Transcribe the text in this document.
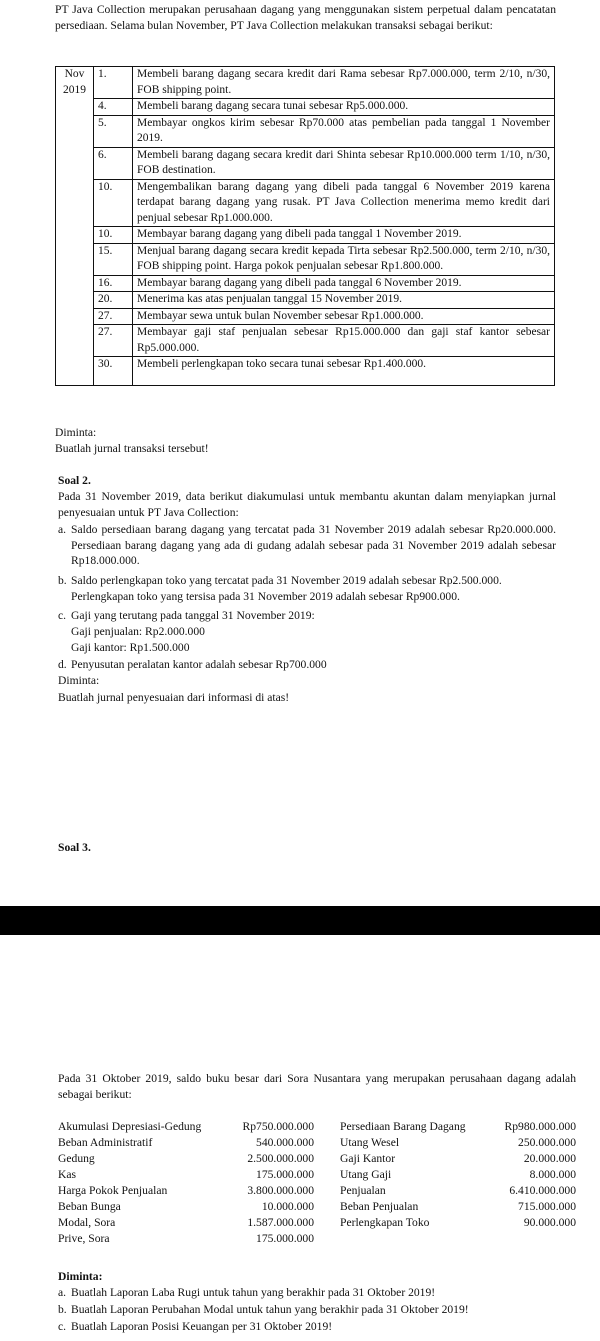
PT Java Collection merupakan perusahaan dagang yang menggunakan sistem perpetual dalam pencatatan persediaan. Selama bulan November, PT Java Collection melakukan transaksi sebagai berikut:
Nov
2019	1.	Membeli barang dagang secara kredit dari Rama sebesar Rp7.000.000, term 2/10, n/30, FOB shipping point.
	4.	Membeli barang dagang secara tunai sebesar Rp5.000.000.
	5.	Membayar ongkos kirim sebesar Rp70.000 atas pembelian pada tanggal 1 November 2019.
	6.	Membeli barang dagang secara kredit dari Shinta sebesar Rp10.000.000 term 1/10, n/30, FOB destination.
	10.	Mengembalikan barang dagang yang dibeli pada tanggal 6 November 2019 karena terdapat barang dagang yang rusak. PT Java Collection menerima memo kredit dari penjual sebesar Rp1.000.000.
	10.	Membayar barang dagang yang dibeli pada tanggal 1 November 2019.
	15.	Menjual barang dagang secara kredit kepada Tirta sebesar Rp2.500.000, term 2/10, n/30, FOB shipping point. Harga pokok penjualan sebesar Rp1.800.000.
	16.	Membayar barang dagang yang dibeli pada tanggal 6 November 2019.
	20.	Menerima kas atas penjualan tanggal 15 November 2019.
	27.	Membayar sewa untuk bulan November sebesar Rp1.000.000.
	27.	Membayar gaji staf penjualan sebesar Rp15.000.000 dan gaji staf kantor sebesar Rp5.000.000.
	30.	Membeli perlengkapan toko secara tunai sebesar Rp1.400.000.
Diminta:
Buatlah jurnal transaksi tersebut!
Soal 2.
Pada 31 November 2019, data berikut diakumulasi untuk membantu akuntan dalam menyiapkan jurnal penyesuaian untuk PT Java Collection:
a. Saldo persediaan barang dagang yang tercatat pada 31 November 2019 adalah sebesar Rp20.000.000. Persediaan barang dagang yang ada di gudang adalah sebesar pada 31 November 2019 adalah sebesar Rp18.000.000.
b. Saldo perlengkapan toko yang tercatat pada 31 November 2019 adalah sebesar Rp2.500.000. Perlengkapan toko yang tersisa pada 31 November 2019 adalah sebesar Rp900.000.
c. Gaji yang terutang pada tanggal 31 November 2019:
Gaji penjualan: Rp2.000.000
Gaji kantor: Rp1.500.000
d. Penyusutan peralatan kantor adalah sebesar Rp700.000
Diminta:
Buatlah jurnal penyesuaian dari informasi di atas!
Soal 3.
Pada 31 Oktober 2019, saldo buku besar dari Sora Nusantara yang merupakan perusahaan dagang adalah sebagai berikut:
Akumulasi Depresiasi-Gedung	Rp750.000.000		Persediaan Barang Dagang	Rp980.000.000
Beban Administratif	540.000.000		Utang Wesel	250.000.000
Gedung	2.500.000.000		Gaji Kantor	20.000.000
Kas	175.000.000		Utang Gaji	8.000.000
Harga Pokok Penjualan	3.800.000.000		Penjualan	6.410.000.000
Beban Bunga	10.000.000		Beban Penjualan	715.000.000
Modal, Sora	1.587.000.000		Perlengkapan Toko	90.000.000
Prive, Sora	175.000.000			
Diminta:
a. Buatlah Laporan Laba Rugi untuk tahun yang berakhir pada 31 Oktober 2019!
b. Buatlah Laporan Perubahan Modal untuk tahun yang berakhir pada 31 Oktober 2019!
c. Buatlah Laporan Posisi Keuangan per 31 Oktober 2019!
